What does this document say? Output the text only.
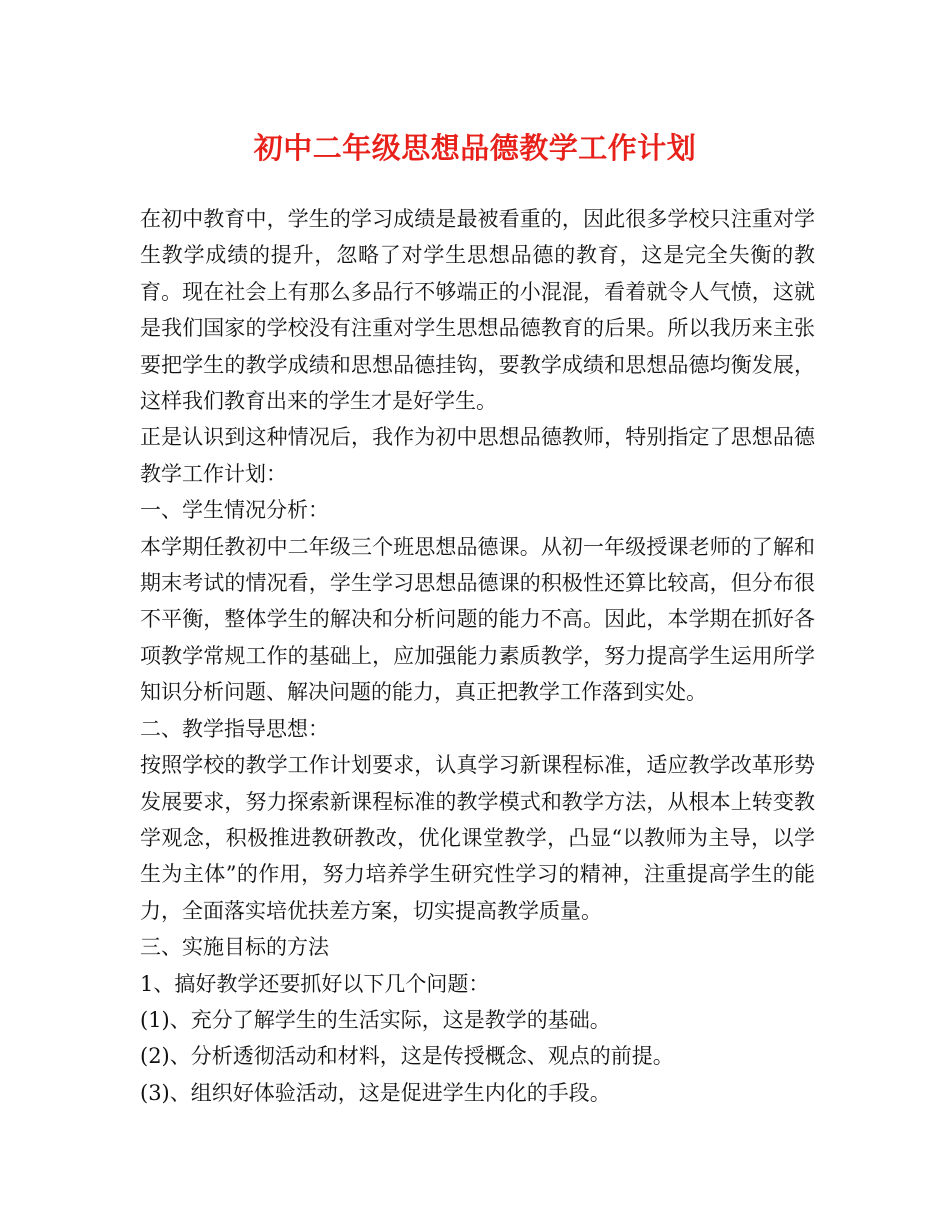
初中二年级思想品德教学工作计划

在初中教育中，学生的学习成绩是最被看重的，因此很多学校只注重对学生教学成绩的提升，忽略了对学生思想品德的教育，这是完全失衡的教育。现在社会上有那么多品行不够端正的小混混，看着就令人气愤，这就是我们国家的学校没有注重对学生思想品德教育的后果。所以我历来主张要把学生的教学成绩和思想品德挂钩，要教学成绩和思想品德均衡发展，这样我们教育出来的学生才是好学生。

正是认识到这种情况后，我作为初中思想品德教师，特别指定了思想品德教学工作计划：

一、学生情况分析：

本学期任教初中二年级三个班思想品德课。从初一年级授课老师的了解和期末考试的情况看，学生学习思想品德课的积极性还算比较高，但分布很不平衡，整体学生的解决和分析问题的能力不高。因此，本学期在抓好各项教学常规工作的基础上，应加强能力素质教学，努力提高学生运用所学知识分析问题、解决问题的能力，真正把教学工作落到实处。

二、教学指导思想：

按照学校的教学工作计划要求，认真学习新课程标准，适应教学改革形势发展要求，努力探索新课程标准的教学模式和教学方法，从根本上转变教学观念，积极推进教研教改，优化课堂教学，凸显“以教师为主导，以学生为主体”的作用，努力培养学生研究性学习的精神，注重提高学生的能力，全面落实培优扶差方案，切实提高教学质量。

三、实施目标的方法

1、搞好教学还要抓好以下几个问题：

(1)、充分了解学生的生活实际，这是教学的基础。

(2)、分析透彻活动和材料，这是传授概念、观点的前提。

(3)、组织好体验活动，这是促进学生内化的手段。
